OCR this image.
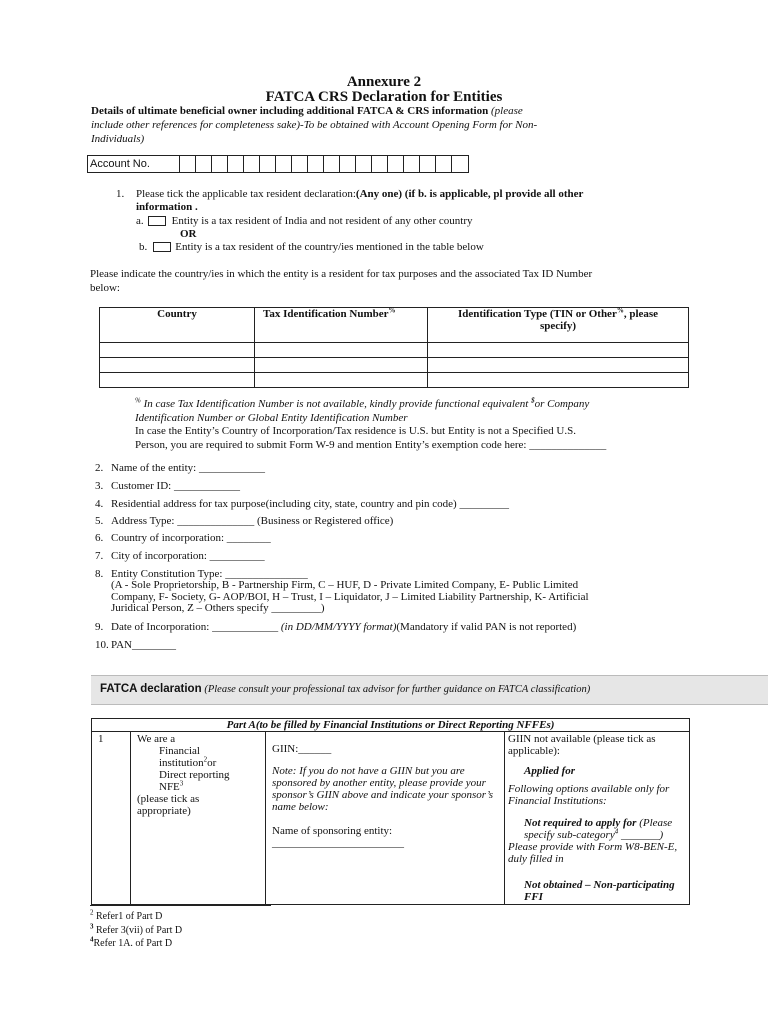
Annexure 2
FATCA CRS Declaration for Entities
Details of ultimate beneficial owner including additional FATCA & CRS information (please
include other references for completeness sake)-To be obtained with Account Opening Form for Non-
Individuals)
Account No.
1. Please tick the applicable tax resident declaration:(Any one) (if b. is applicable, pl provide all other
information .
a.	Entity is a tax resident of India and not resident of any other country
OR
b.	Entity is a tax resident of the country/ies mentioned in the table below
Please indicate the country/ies in which the entity is a resident for tax purposes and the associated Tax ID Number
below:
Country	Tax Identification Number%	Identification Type (TIN or Other%, please
specify)

% In case Tax Identification Number is not available, kindly provide functional equivalent $or Company
Identification Number or Global Entity Identification Number
In case the Entity’s Country of Incorporation/Tax residence is U.S. but Entity is not a Specified U.S.
Person, you are required to submit Form W-9 and mention Entity’s exemption code here: ______________
2. Name of the entity: ____________
3. Customer ID: ____________
4. Residential address for tax purpose(including city, state, country and pin code) _________
5. Address Type: ______________ (Business or Registered office)
6. Country of incorporation: ________
7. City of incorporation: __________
8. Entity Constitution Type: _______________
(A - Sole Proprietorship, B - Partnership Firm, C – HUF, D - Private Limited Company, E- Public Limited
Company, F- Society, G- AOP/BOI, H – Trust, I – Liquidator, J – Limited Liability Partnership, K- Artificial
Juridical Person, Z – Others specify _________)
9. Date of Incorporation: ____________ (in DD/MM/YYYY format)(Mandatory if valid PAN is not reported)
10. PAN________
FATCA declaration (Please consult your professional tax advisor for further guidance on FATCA classification)
Part A(to be filled by Financial Institutions or Direct Reporting NFFEs)
1	We are a
Financial
institution$^2$or
Direct reporting
NFE$^3$
(please tick as
appropriate)

GIIN:______
Note: If you do not have a GIIN but you are sponsored by another entity, please provide your sponsor’s GIIN above and indicate your sponsor’s name below:
Name of sponsoring entity:
________________________

GIIN not available (please tick as applicable):
Applied for
Following options available only for Financial Institutions:
Not required to apply for (Please specify sub-category$^4$ _______)
Please provide with Form W8-BEN-E, duly filled in
Not obtained – Non-participating FFI
$^2$ Refer1 of Part D
$^3$ Refer 3(vii) of Part D
$^4$Refer 1A. of Part D
